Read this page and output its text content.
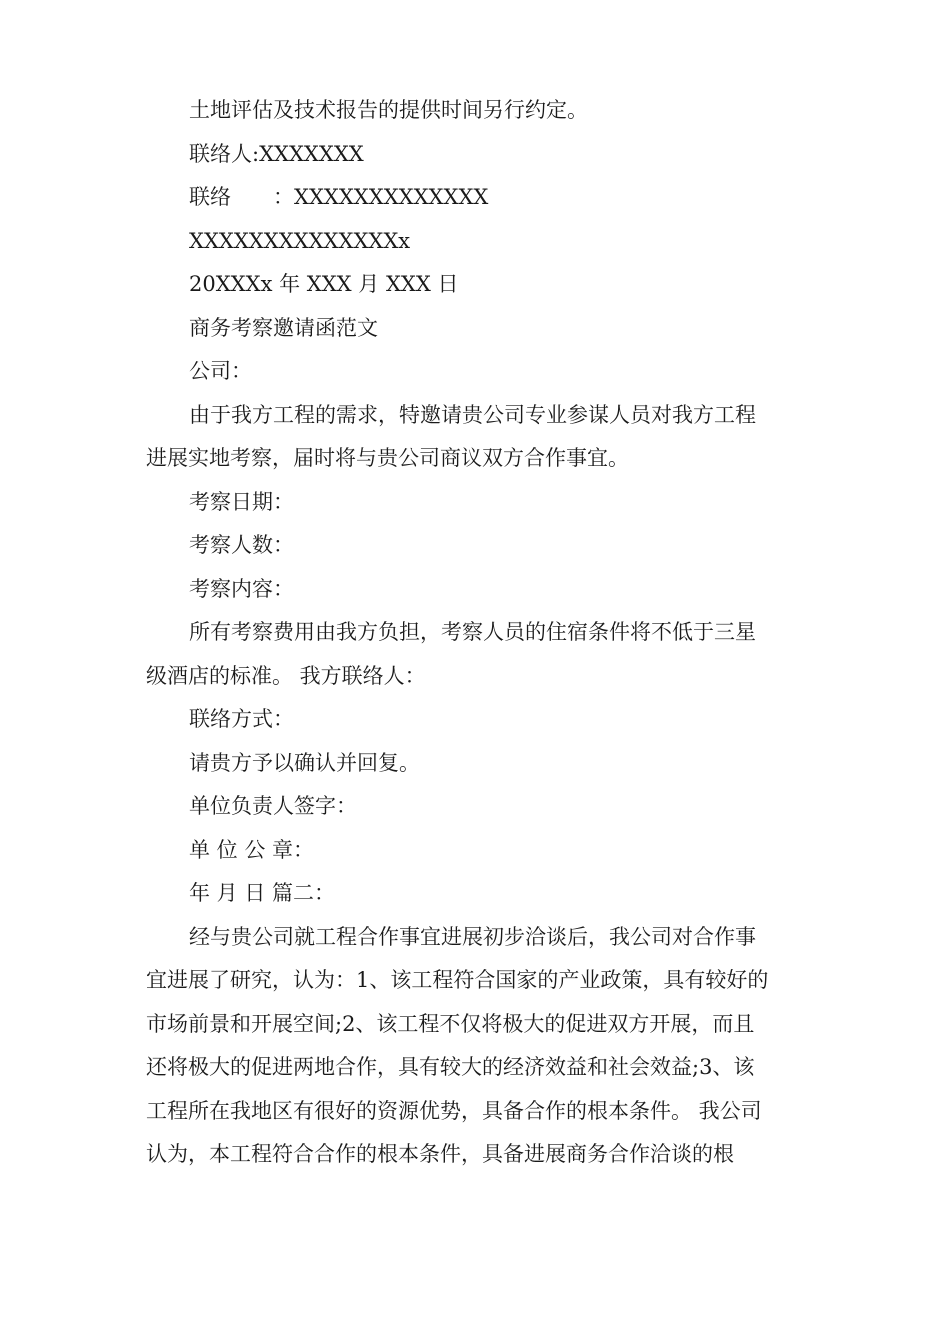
土地评估及技术报告的提供时间另行约定。
联络人:XXXXXXX
联络　　：XXXXXXXXXXXXX
XXXXXXXXXXXXXXx
20XXXx 年 XXX 月 XXX 日
商务考察邀请函范文
公司：
由于我方工程的需求，特邀请贵公司专业参谋人员对我方工程
进展实地考察，届时将与贵公司商议双方合作事宜。
考察日期：
考察人数：
考察内容：
所有考察费用由我方负担，考察人员的住宿条件将不低于三星
级酒店的标准。 我方联络人：
联络方式：
请贵方予以确认并回复。
单位负责人签字：
单 位 公 章：
年 月 日 篇二：
经与贵公司就工程合作事宜进展初步洽谈后，我公司对合作事
宜进展了研究，认为：1、该工程符合国家的产业政策，具有较好的
市场前景和开展空间;2、该工程不仅将极大的促进双方开展，而且
还将极大的促进两地合作，具有较大的经济效益和社会效益;3、该
工程所在我地区有很好的资源优势，具备合作的根本条件。 我公司
认为，本工程符合合作的根本条件，具备进展商务合作洽谈的根
